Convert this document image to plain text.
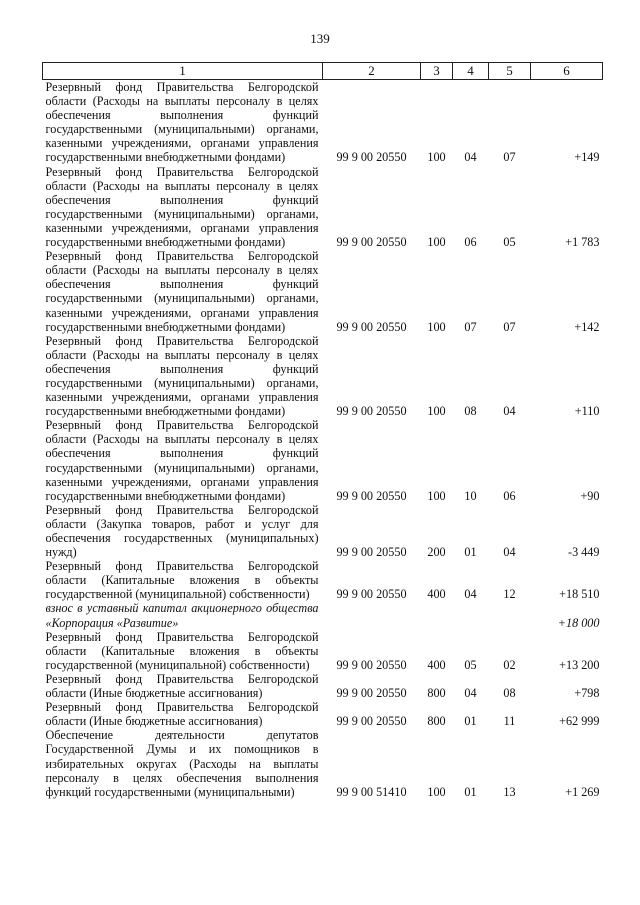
139
1	2	3	4	5	6
Резервный фонд Правительства Белгородской области (Расходы на выплаты персоналу в целях обеспечения выполнения функций государственными (муниципальными) органами, казенными учреждениями, органами управления государственными внебюджетными фондами)	99 9 00 20550	100	04	07	+149
Резервный фонд Правительства Белгородской области (Расходы на выплаты персоналу в целях обеспечения выполнения функций государственными (муниципальными) органами, казенными учреждениями, органами управления государственными внебюджетными фондами)	99 9 00 20550	100	06	05	+1 783
Резервный фонд Правительства Белгородской области (Расходы на выплаты персоналу в целях обеспечения выполнения функций государственными (муниципальными) органами, казенными учреждениями, органами управления государственными внебюджетными фондами)	99 9 00 20550	100	07	07	+142
Резервный фонд Правительства Белгородской области (Расходы на выплаты персоналу в целях обеспечения выполнения функций государственными (муниципальными) органами, казенными учреждениями, органами управления государственными внебюджетными фондами)	99 9 00 20550	100	08	04	+110
Резервный фонд Правительства Белгородской области (Расходы на выплаты персоналу в целях обеспечения выполнения функций государственными (муниципальными) органами, казенными учреждениями, органами управления государственными внебюджетными фондами)	99 9 00 20550	100	10	06	+90
Резервный фонд Правительства Белгородской области (Закупка товаров, работ и услуг для обеспечения государственных (муниципальных) нужд)	99 9 00 20550	200	01	04	-3 449
Резервный фонд Правительства Белгородской области (Капитальные вложения в объекты государственной (муниципальной) собственности)	99 9 00 20550	400	04	12	+18 510
взнос в уставный капитал акционерного общества «Корпорация «Развитие»					+18 000
Резервный фонд Правительства Белгородской области (Капитальные вложения в объекты государственной (муниципальной) собственности)	99 9 00 20550	400	05	02	+13 200
Резервный фонд Правительства Белгородской области (Иные бюджетные ассигнования)	99 9 00 20550	800	04	08	+798
Резервный фонд Правительства Белгородской области (Иные бюджетные ассигнования)	99 9 00 20550	800	01	11	+62 999
Обеспечение деятельности депутатов Государственной Думы и их помощников в избирательных округах (Расходы на выплаты персоналу в целях обеспечения выполнения функций государственными (муниципальными)	99 9 00 51410	100	01	13	+1 269
